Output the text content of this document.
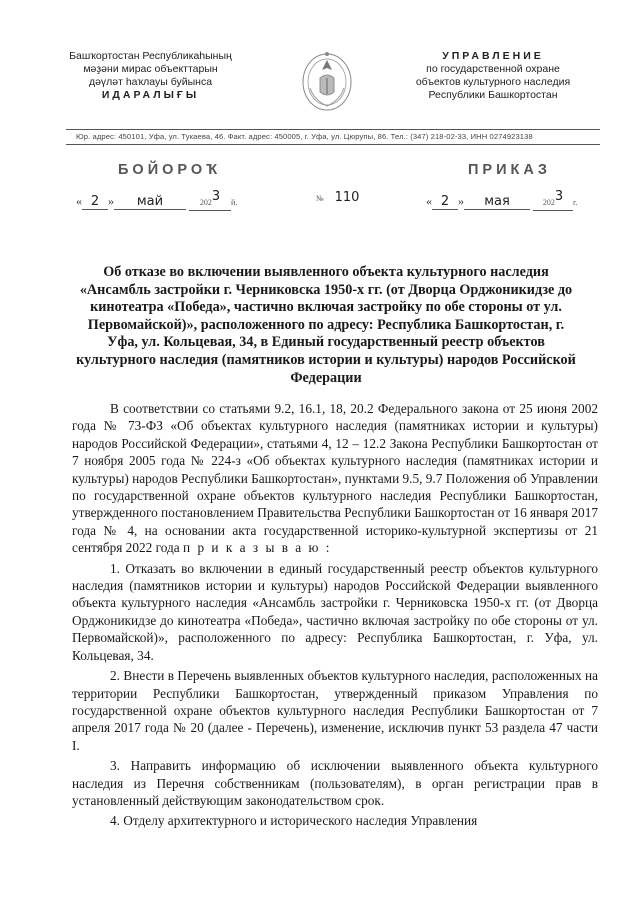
Башҡортостан Республикаһының
мәҙәни мирас объекттарын
дәүләт һаҡлауы буйынса
ИДАРАЛЫҒЫ
УПРАВЛЕНИЕ
по государственной охране
объектов культурного наследия
Республики Башкортостан
Юр. адрес: 450101, Уфа, ул. Тукаева, 46. Факт. адрес: 450005, г. Уфа, ул. Цюрупы, 86. Тел.: (347) 218-02-33, ИНН 0274923138
БОЙОРОҠ	ПРИКАЗ
« 2 » май	$202^3$ й.	№ 110	« 2 » мая	$202^3$ г.
Об отказе во включении выявленного объекта культурного наследия «Ансамбль застройки г. Черниковска 1950-х гг. (от Дворца Орджоникидзе до кинотеатра «Победа», частично включая застройку по обе стороны от ул. Первомайской)», расположенного по адресу: Республика Башкортостан, г. Уфа, ул. Кольцевая, 34, в Единый государственный реестр объектов культурного наследия (памятников истории и культуры) народов Российской Федерации

В соответствии со статьями 9.2, 16.1, 18, 20.2 Федерального закона от 25 июня 2002 года № 73-ФЗ «Об объектах культурного наследия (памятниках истории и культуры) народов Российской Федерации», статьями 4, 12 – 12.2 Закона Республики Башкортостан от 7 ноября 2005 года № 224-з «Об объектах культурного наследия (памятниках истории и культуры) народов Республики Башкортостан», пунктами 9.5, 9.7 Положения об Управлении по государственной охране объектов культурного наследия Республики Башкортостан, утвержденного постановлением Правительства Республики Башкортостан от 16 января 2017 года № 4, на основании акта государственной историко-культурной экспертизы от 21 сентября 2022 года п р и к а з ы в а ю :

1. Отказать во включении в единый государственный реестр объектов культурного наследия (памятников истории и культуры) народов Российской Федерации выявленного объекта культурного наследия «Ансамбль застройки г. Черниковска 1950-х гг. (от Дворца Орджоникидзе до кинотеатра «Победа», частично включая застройку по обе стороны от ул. Первомайской)», расположенного по адресу: Республика Башкортостан, г. Уфа, ул. Кольцевая, 34.

2. Внести в Перечень выявленных объектов культурного наследия, расположенных на территории Республики Башкортостан, утвержденный приказом Управления по государственной охране объектов культурного наследия Республики Башкортостан от 7 апреля 2017 года № 20 (далее - Перечень), изменение, исключив пункт 53 раздела 47 части I.

3. Направить информацию об исключении выявленного объекта культурного наследия из Перечня собственникам (пользователям), в орган регистрации прав в установленный действующим законодательством срок.

4. Отделу архитектурного и исторического наследия Управления
